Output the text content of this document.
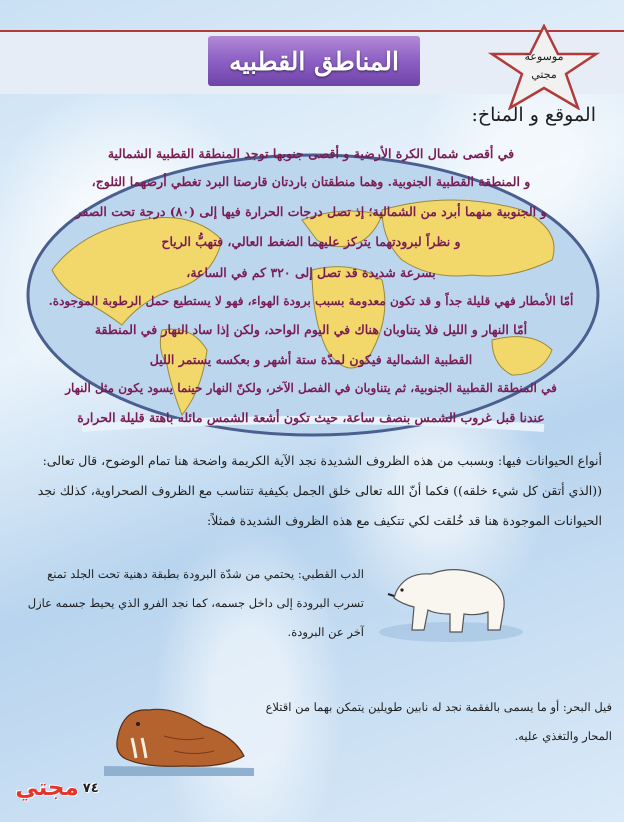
المناطق القطبيه	موسوعة
مجتي
الموقع و المناخ:
في أقصى شمال الكرة الأرضية و أقصى جنوبها توجد المنطقة القطبية الشمالية
و المنطقة القطبية الجنوبية. وهما منطقتان باردتان قارصتا البرد تغطي أرضهما الثلوج،
و الجنوبية منهما أبرد من الشمالية؛ إذ تصل درجات الحرارة فيها إلى (٨٠) درجة تحت الصفر
و نظراً لبرودتهما يتركز عليهما الضغط العالي، فتهبُّ الرياح
بسرعة شديدة قد تصل إلى ٣٢٠ كم في الساعة،
أمّا الأمطار فهي قليلة جداً و قد تكون معدومة بسبب برودة الهواء، فهو لا يستطيع حمل الرطوبة الموجودة.
أمّا النهار و الليل فلا يتناوبان هناك في اليوم الواحد، ولكن إذا ساد النهار في المنطقة
القطبية الشمالية فيكون لمدّة ستة أشهر و بعكسه يستمر الليل
في المنطقة القطبية الجنوبية، ثم يتناوبان في الفصل الآخر، ولكنّ النهار حينما يسود يكون مثل النهار
عندنا قبل غروب الشمس بنصف ساعة، حيث تكون أشعة الشمس مائله باهتة قليلة الحرارة
أنواع الحيوانات فيها: وبسبب من هذه الظروف الشديدة نجد الآية الكريمة واضحة هنا تمام الوضوح، قال تعالى: ((الذي أتقن كل شيء خلقه)) فكما أنّ الله تعالى خلق الجمل بكيفية تتناسب مع الظروف الصحراوية، كذلك نجد الحيوانات الموجودة هنا قد خُلقت لكي تتكيف مع هذه الظروف الشديدة فمثلاً:
الدب القطبي: يحتمي من شدّة البرودة بطبقة دهنية تحت الجلد تمنع تسرب البرودة إلى داخل جسمه، كما نجد الفرو الذي يحيط جسمه عازل آخر عن البرودة.
فيل البحر: أو ما يسمى بالفقمة نجد له نابين طويلين يتمكن بهما من اقتلاع المحار والتغذي عليه.
مجتي ٧٤
